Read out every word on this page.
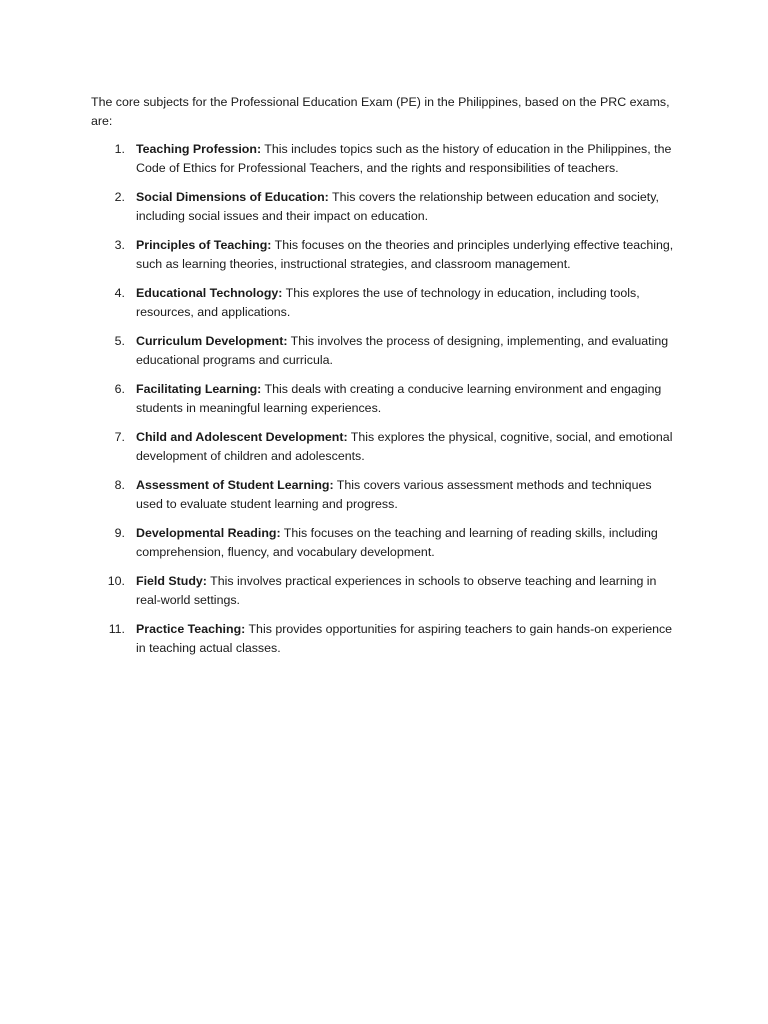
The core subjects for the Professional Education Exam (PE) in the Philippines, based on the PRC exams, are:

1. Teaching Profession: This includes topics such as the history of education in the Philippines, the Code of Ethics for Professional Teachers, and the rights and responsibilities of teachers.
2. Social Dimensions of Education: This covers the relationship between education and society, including social issues and their impact on education.
3. Principles of Teaching: This focuses on the theories and principles underlying effective teaching, such as learning theories, instructional strategies, and classroom management.
4. Educational Technology: This explores the use of technology in education, including tools, resources, and applications.
5. Curriculum Development: This involves the process of designing, implementing, and evaluating educational programs and curricula.
6. Facilitating Learning: This deals with creating a conducive learning environment and engaging students in meaningful learning experiences.
7. Child and Adolescent Development: This explores the physical, cognitive, social, and emotional development of children and adolescents.
8. Assessment of Student Learning: This covers various assessment methods and techniques used to evaluate student learning and progress.
9. Developmental Reading: This focuses on the teaching and learning of reading skills, including comprehension, fluency, and vocabulary development.
10. Field Study: This involves practical experiences in schools to observe teaching and learning in real-world settings.
11. Practice Teaching: This provides opportunities for aspiring teachers to gain hands-on experience in teaching actual classes.
